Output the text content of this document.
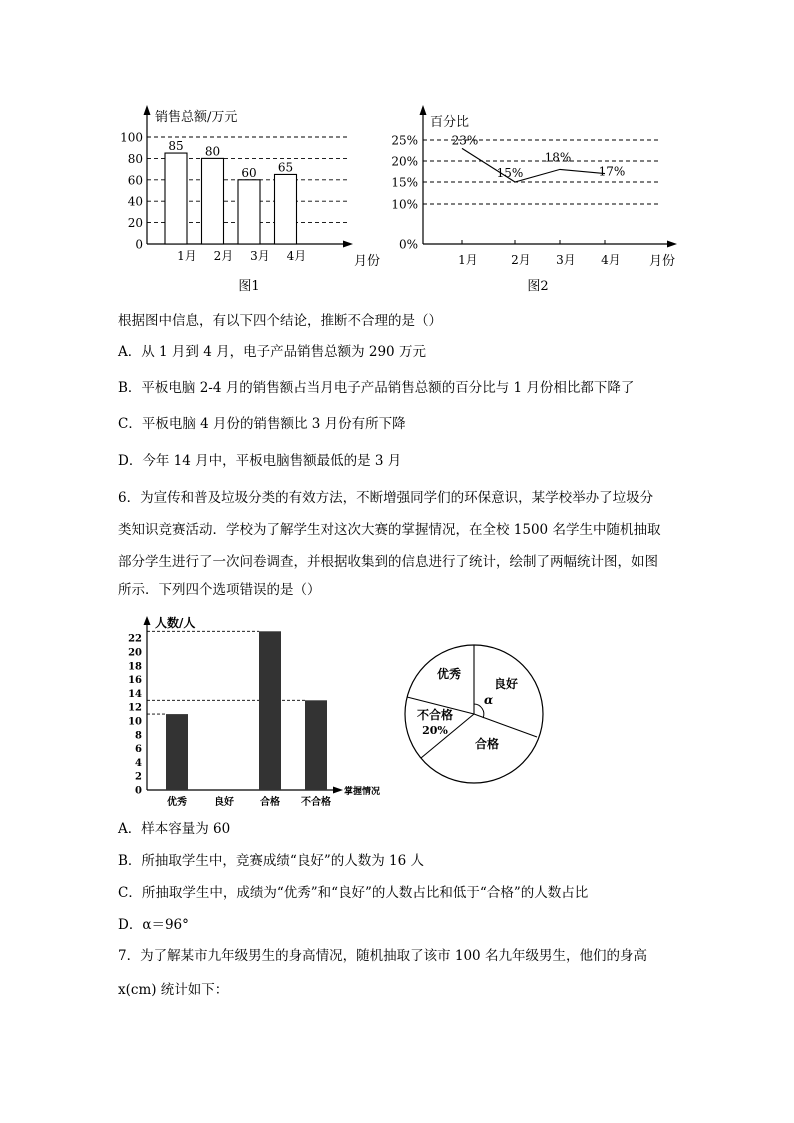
销售总额/万元
月份
图1
0
20
40
60
80
100
85 80
60 65
1月 2月 3月 4月
百分比
月份
图2
0%
10%
15%
20%
25%
1月	2月 3月 4月
23%
15%
18%
17%

根据图中信息，有以下四个结论，推断不合理的是（）

A．从 1 月到 4 月，电子产品销售总额为 290 万元

B．平板电脑 2-4 月的销售额占当月电子产品销售总额的百分比与 1 月份相比都下降了

C．平板电脑 4 月份的销售额比 3 月份有所下降

D．今年 14 月中，平板电脑售额最低的是 3 月

6．为宣传和普及垃圾分类的有效方法，不断增强同学们的环保意识，某学校举办了垃圾分

类知识竞赛活动．学校为了解学生对这次大赛的掌握情况，在全校 1500 名学生中随机抽取

部分学生进行了一次问卷调查，并根据收集到的信息进行了统计，绘制了两幅统计图，如图

所示．下列四个选项错误的是（）

人数/人
掌握情况
0
2
4
6
8
10
12
14
16
18
20
22
优秀	良好	合格 不合格
优秀
良好
α
不合格
20%
合格

A．样本容量为 60

B．所抽取学生中，竞赛成绩“良好”的人数为 16 人

C．所抽取学生中，成绩为“优秀”和“良好”的人数占比和低于“合格”的人数占比

D．α＝96°

7．为了解某市九年级男生的身高情况，随机抽取了该市 100 名九年级男生，他们的身高

x(cm) 统计如下：
